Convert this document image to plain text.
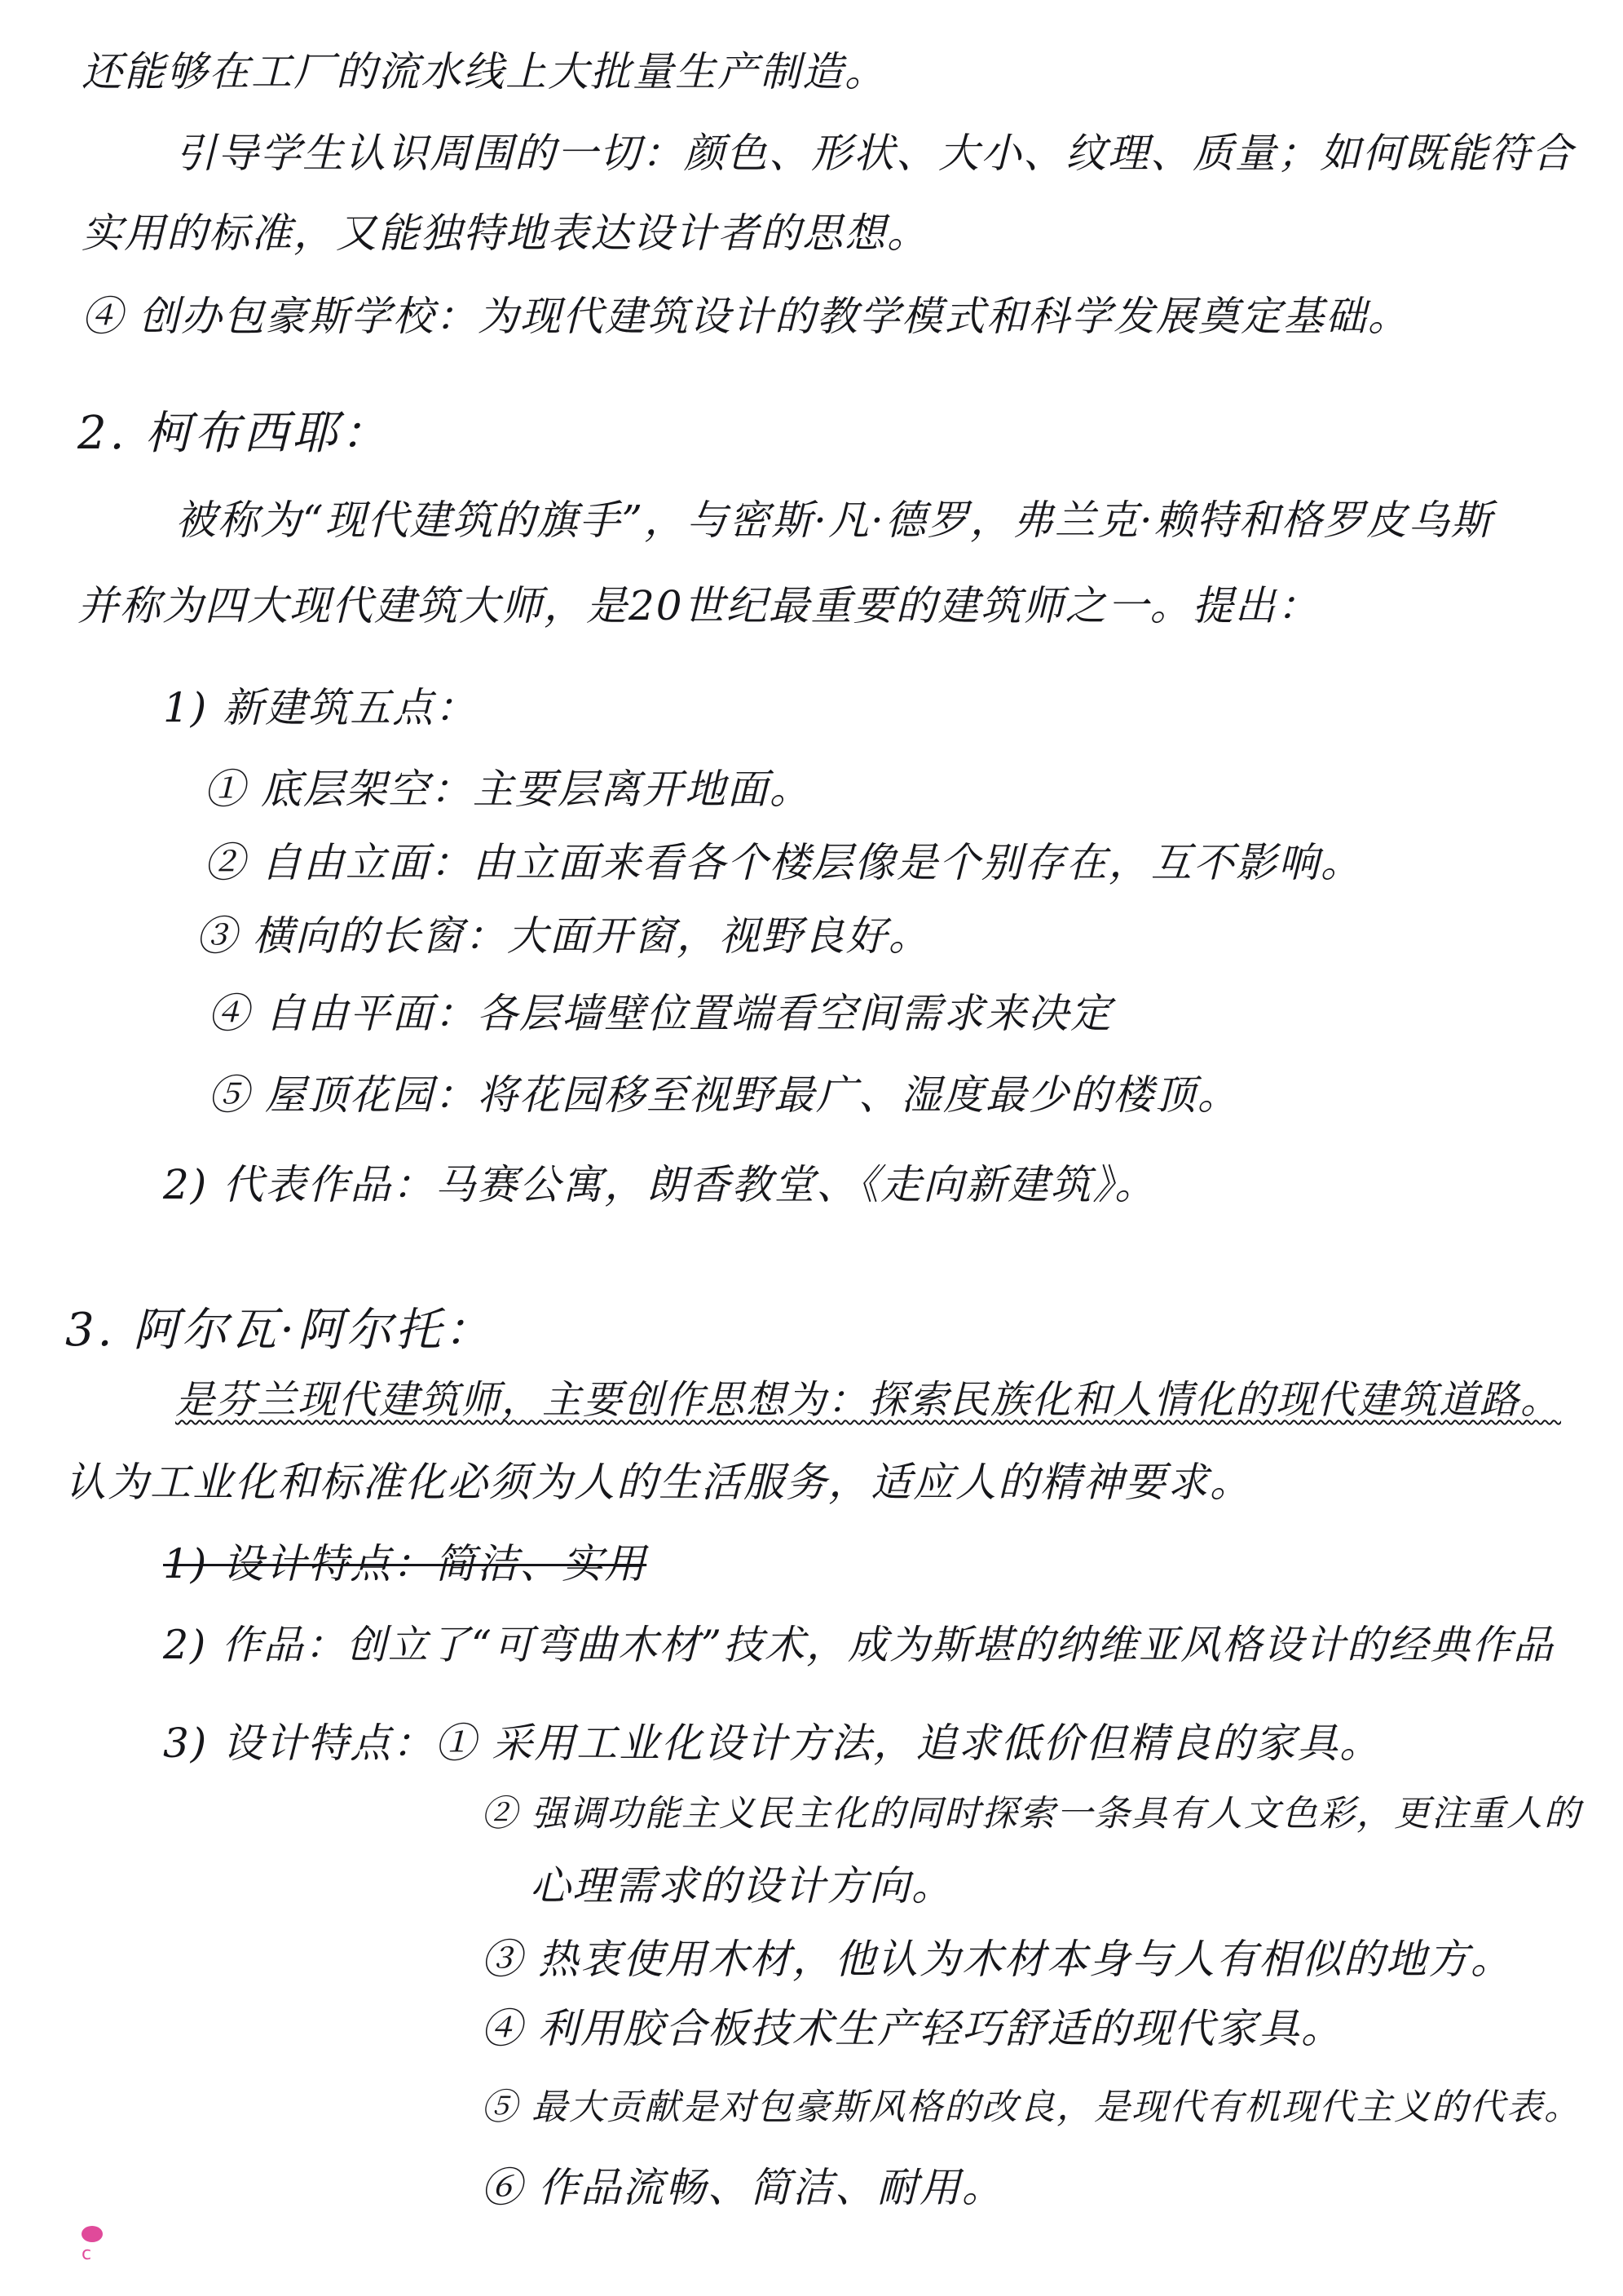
还能够在工厂的流水线上大批量生产制造。
引导学生认识周围的一切：颜色、形状、大小、纹理、质量；如何既能符合
实用的标准，又能独特地表达设计者的思想。
④ 创办包豪斯学校：为现代建筑设计的教学模式和科学发展奠定基础。
2. 柯布西耶：
被称为“现代建筑的旗手”，与密斯·凡·德罗，弗兰克·赖特和格罗皮乌斯
并称为四大现代建筑大师，是20世纪最重要的建筑师之一。提出：
1) 新建筑五点：
① 底层架空：主要层离开地面。
② 自由立面：由立面来看各个楼层像是个别存在，互不影响。
③ 横向的长窗：大面开窗，视野良好。
④ 自由平面：各层墙壁位置端看空间需求来决定
⑤ 屋顶花园：将花园移至视野最广、湿度最少的楼顶。
2) 代表作品：马赛公寓，朗香教堂、《走向新建筑》。
3. 阿尔瓦·阿尔托：
是芬兰现代建筑师，主要创作思想为：探索民族化和人情化的现代建筑道路。
认为工业化和标准化必须为人的生活服务，适应人的精神要求。
1) 设计特点：简洁、实用
2) 作品：创立了“可弯曲木材”技术，成为斯堪的纳维亚风格设计的经典作品
3) 设计特点：① 采用工业化设计方法，追求低价但精良的家具。
② 强调功能主义民主化的同时探索一条具有人文色彩，更注重人的
心理需求的设计方向。
③ 热衷使用木材，他认为木材本身与人有相似的地方。
④ 利用胶合板技术生产轻巧舒适的现代家具。
⑤ 最大贡献是对包豪斯风格的改良，是现代有机现代主义的代表。
⑥ 作品流畅、简洁、耐用。
c
